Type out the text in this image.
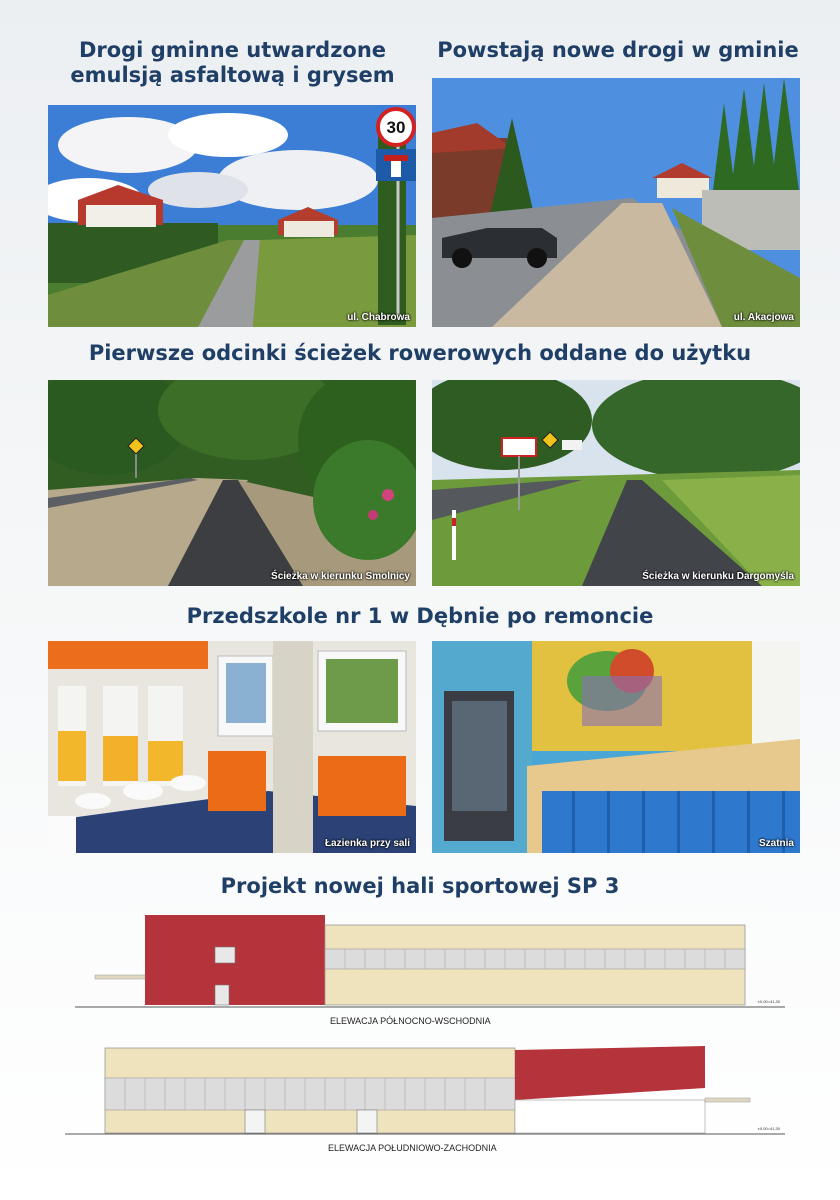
Drogi gminne utwardzone
emulsją asfaltową i grysem
Powstają nowe drogi w gminie
30
ul. Chabrowa	ul. Akacjowa
Pierwsze odcinki ścieżek rowerowych oddane do użytku
Ścieżka w kierunku Smolnicy	Ścieżka w kierunku Dargomyśla
Przedszkole nr 1 w Dębnie po remoncie
Łazienka przy sali	Szatnia
Projekt nowej hali sportowej SP 3
±0,00=41,30
ELEWACJA PÓŁNOCNO-WSCHODNIA
±0,00=41,30
ELEWACJA POŁUDNIOWO-ZACHODNIA
